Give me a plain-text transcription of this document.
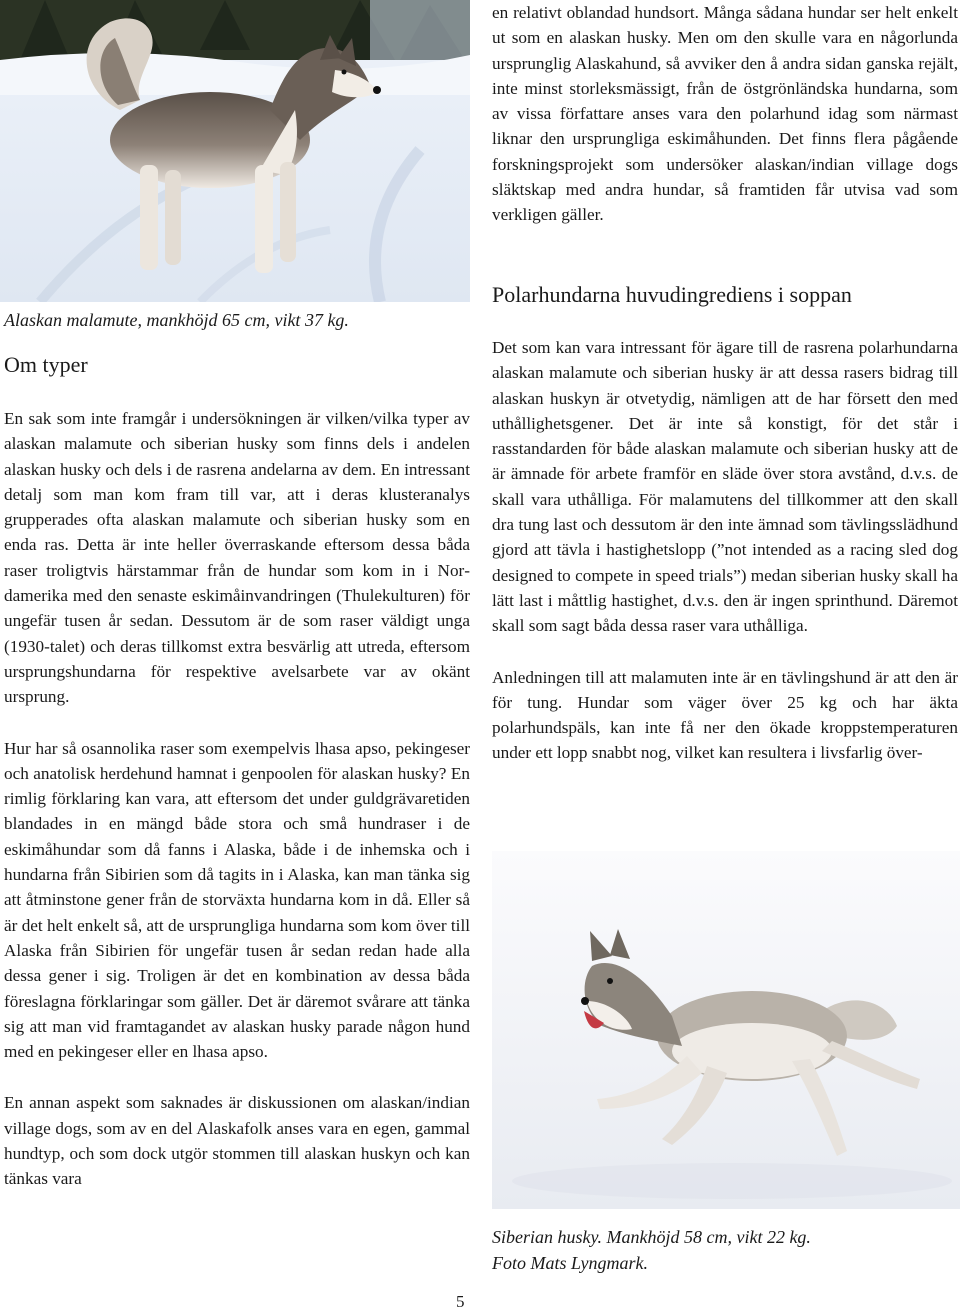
en relativt oblandad hundsort. Många sådana hundar ser helt enkelt ut som en alaskan husky. Men om den skulle vara en någorlunda ursprunglig Alaskahund, så avviker den å andra sidan ganska rejält, inte minst storleksmässigt, från de östgrönländska hundarna, som av vissa författare anses vara den polarhund idag som närmast liknar den ursprungliga eskimåhunden. Det finns flera pågående forskningsprojekt som undersöker alaskan/indian village dogs släktskap med andra hundar, så framtiden får utvisa vad som verkligen gäller.

Alaskan malamute, mankhöjd 65 cm, vikt 37 kg.

Om typer

En sak som inte framgår i undersökningen är vilken/vilka typer av alaskan malamute och siberian husky som finns dels i andelen alaskan husky och dels i de rasrena andelarna av dem. En intressant detalj som man kom fram till var, att i deras klusteranalys grupperades ofta alaskan malamute och siberian husky som en enda ras. Detta är inte heller överraskande eftersom dessa båda raser troligtvis härstammar från de hundar som kom in i Nordamerika med den senaste eskimåinvandringen (Thulekulturen) för ungefär tusen år sedan. Dessutom är de som raser väldigt unga (1930-talet) och deras tillkomst extra besvärlig att utreda, eftersom ursprungshundarna för respektive avelsarbete var av okänt ursprung.

Hur har så osannolika raser som exempelvis lhasa apso, pekingeser och anatolisk herdehund hamnat i genpoolen för alaskan husky? En rimlig förklaring kan vara, att eftersom det under guldgrävaretiden blandades in en mängd både stora och små hundraser i de eskimåhundar som då fanns i Alaska, både i de inhemska och i hundarna från Sibirien som då tagits in i Alaska, kan man tänka sig att åtminstone gener från de storväxta hundarna kom in då. Eller så är det helt enkelt så, att de ursprungliga hundarna som kom över till Alaska från Sibirien för ungefär tusen år sedan redan hade alla dessa gener i sig. Troligen är det en kombination av dessa båda föreslagna förklaringar som gäller. Det är däremot svårare att tänka sig att man vid framtagandet av alaskan husky parade någon hund med en pekingeser eller en lhasa apso.

En annan aspekt som saknades är diskussionen om alaskan/indian village dogs, som av en del Alaskafolk anses vara en egen, gammal hundtyp, och som dock utgör stommen till alaskan huskyn och kan tänkas vara

Polarhundarna huvudingrediens i soppan

Det som kan vara intressant för ägare till de rasrena polarhundarna alaskan malamute och siberian husky är att dessa rasers bidrag till alaskan huskyn är otvetydig, nämligen att de har försett den med uthållighetsgener. Det är inte så konstigt, för det står i rasstandarden för både alaskan malamute och siberian husky att de är ämnade för arbete framför en släde över stora avstånd, d.v.s. de skall vara uthålliga. För malamutens del tillkommer att den skall dra tung last och dessutom är den inte ämnad som tävlingsslädhund gjord att tävla i hastighetslopp (”not intended as a racing sled dog designed to compete in speed trials”) medan siberian husky skall ha lätt last i måttlig hastighet, d.v.s. den är ingen sprinthund. Däremot skall som sagt båda dessa raser vara uthålliga.

Anledningen till att malamuten inte är en tävlingshund är att den är för tung. Hundar som väger över 25 kg och har äkta polarhundspäls, kan inte få ner den ökade kroppstemperaturen under ett lopp snabbt nog, vilket kan resultera i livsfarlig över-

Siberian husky. Mankhöjd 58 cm, vikt 22 kg.

Foto Mats Lyngmark.

5
